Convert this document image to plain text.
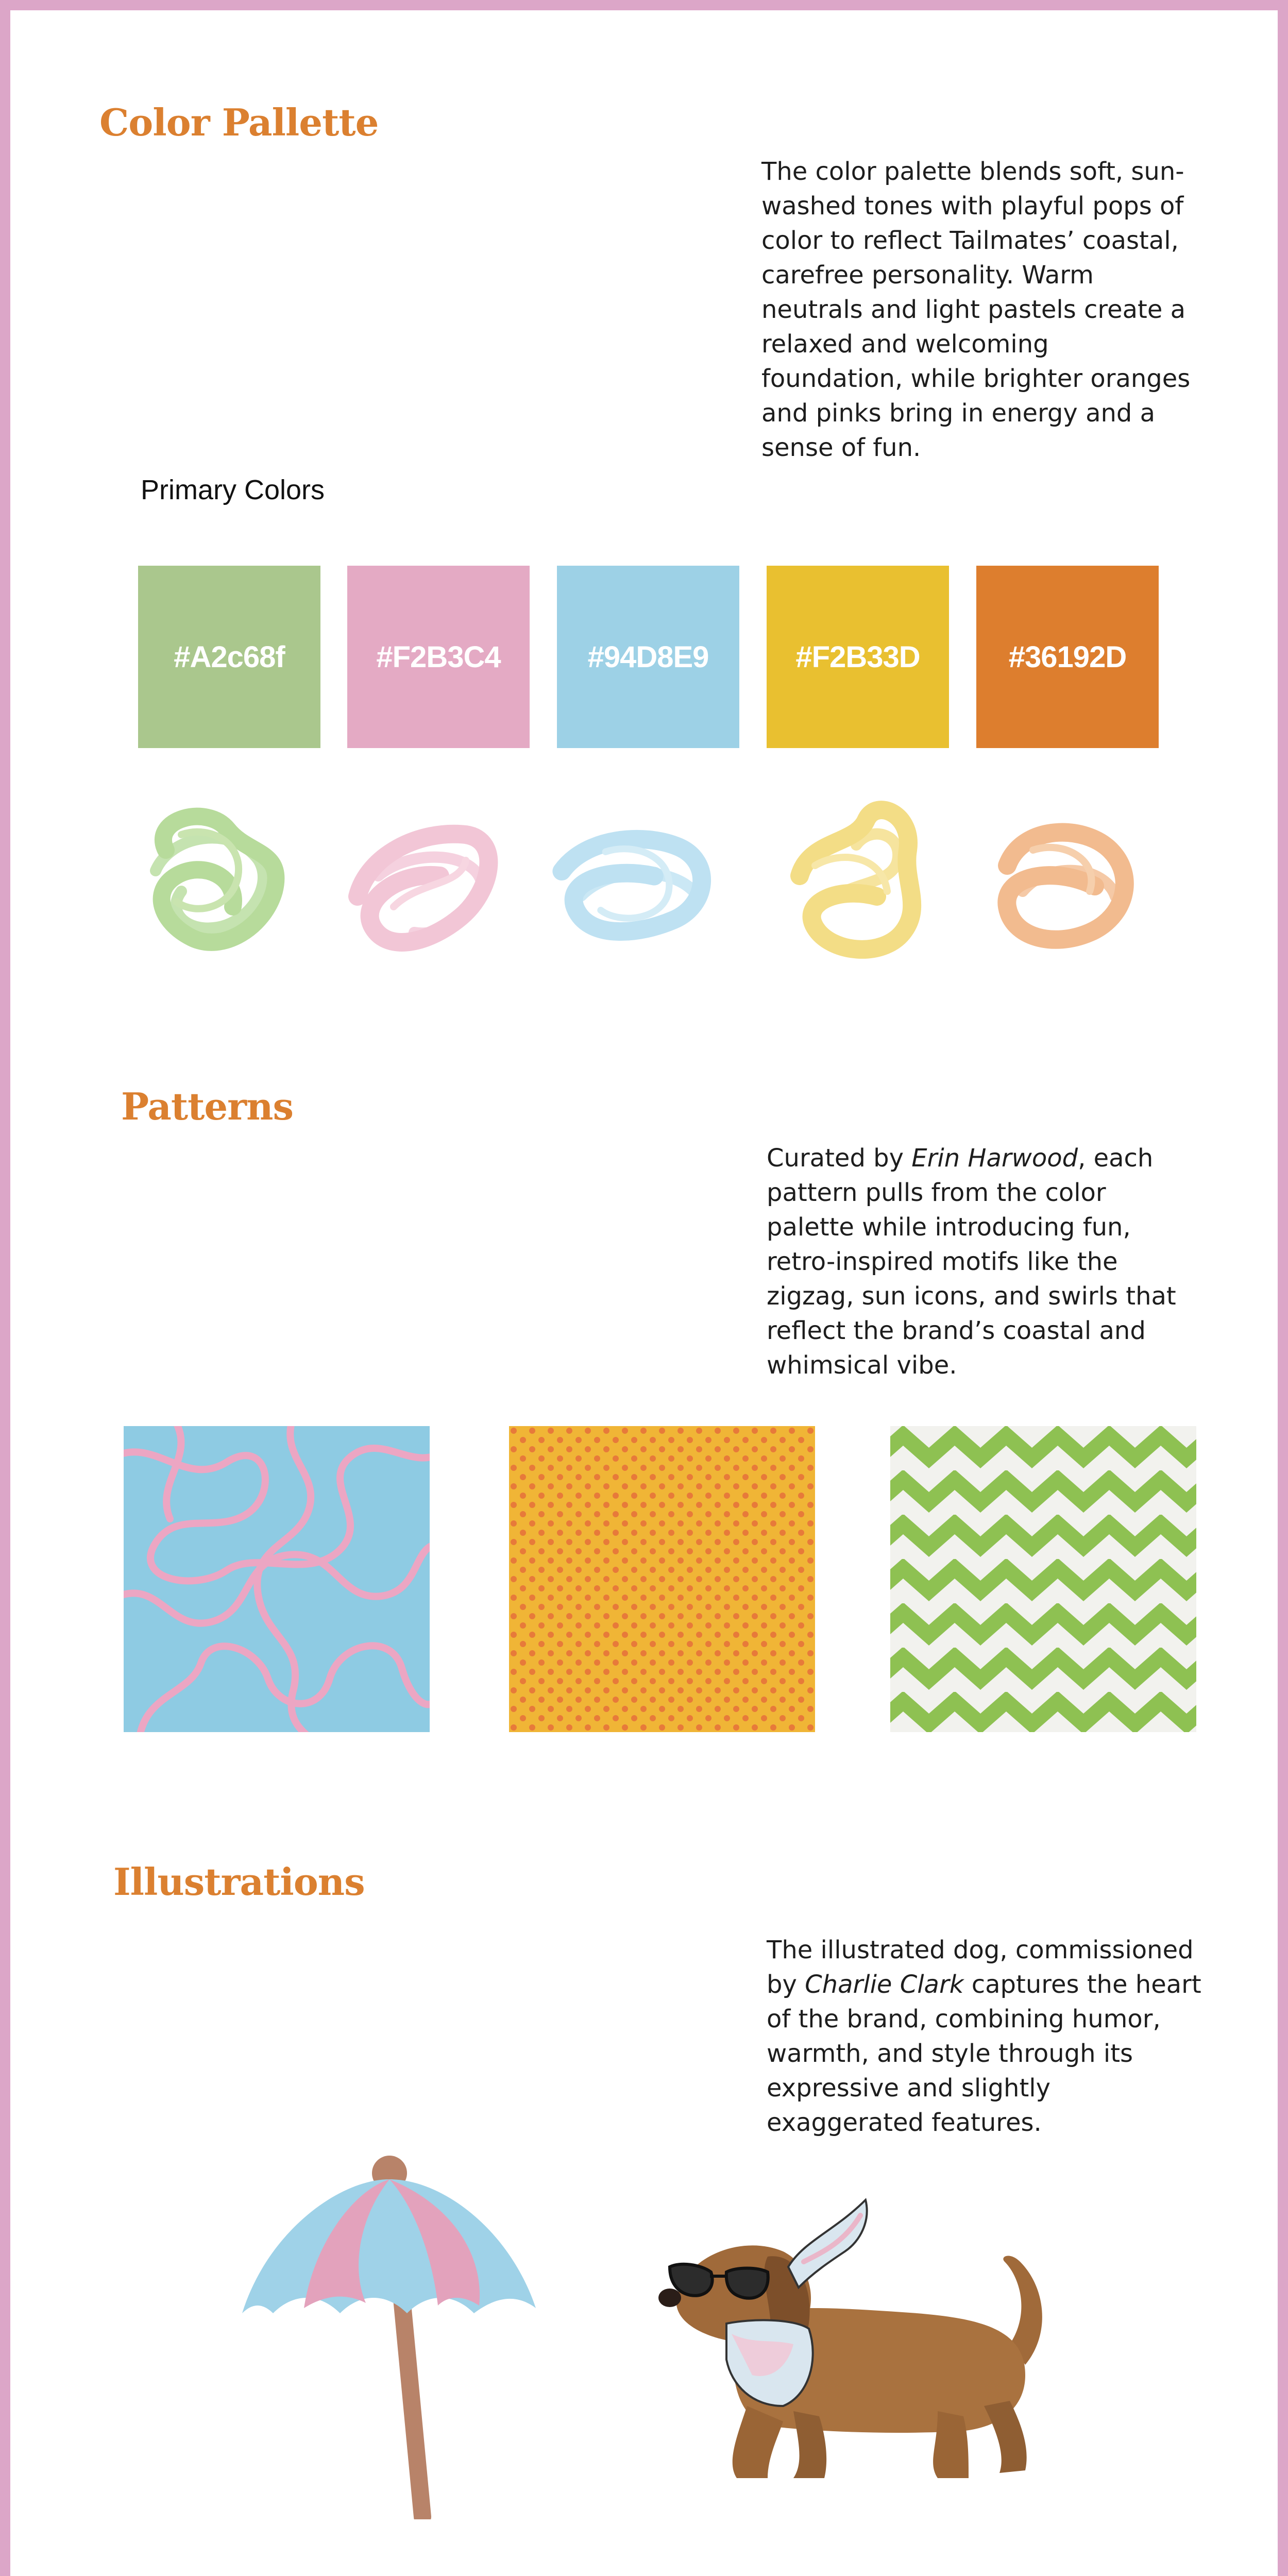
Color Pallette

The color palette blends soft, sun-washed tones with playful pops of color to reflect Tailmates’ coastal, carefree personality. Warm neutrals and light pastels create a relaxed and welcoming foundation, while brighter oranges and pinks bring in energy and a sense of fun.

Primary Colors
#A2c68f	#F2B3C4	#94D8E9	#F2B33D	#36192D
Patterns

Curated by Erin Harwood, each pattern pulls from the color palette while introducing fun, retro-inspired motifs like the zigzag, sun icons, and swirls that reflect the brand’s coastal and whimsical vibe.

Illustrations

The illustrated dog, commissioned by Charlie Clark captures the heart of the brand, combining humor, warmth, and style through its expressive and slightly exaggerated features.
